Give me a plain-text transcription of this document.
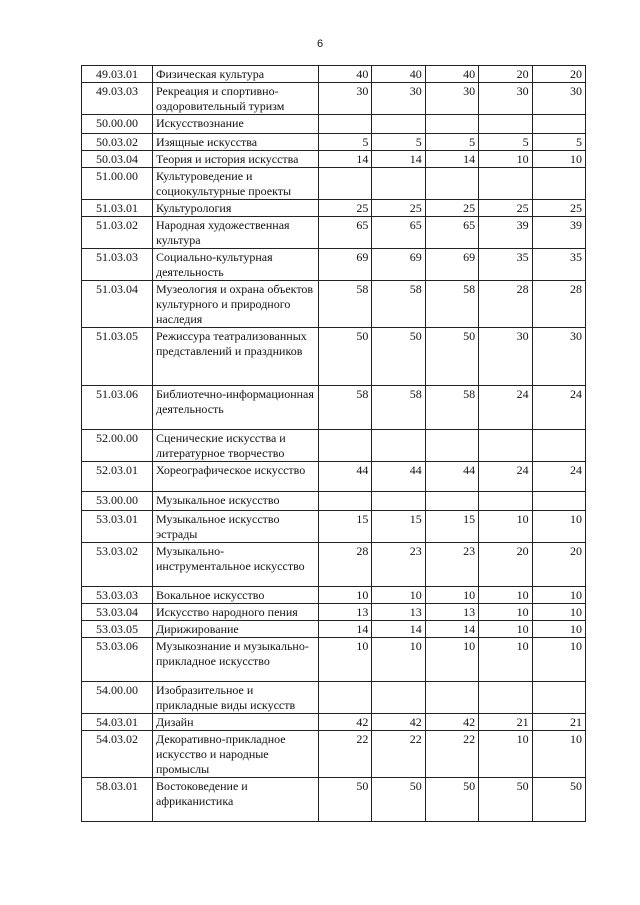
6
49.03.01	Физическая культура	40	40	40	20	20
49.03.03	Рекреация и спортивно-оздоровительный туризм	30	30	30	30	30
50.00.00	Искусствознание					
50.03.02	Изящные искусства	5	5	5	5	5
50.03.04	Теория и история искусства	14	14	14	10	10
51.00.00	Культуроведение и социокультурные проекты					
51.03.01	Культурология	25	25	25	25	25
51.03.02	Народная художественная культура	65	65	65	39	39
51.03.03	Социально-культурная деятельность	69	69	69	35	35
51.03.04	Музеология и охрана объектов культурного и природного наследия	58	58	58	28	28
51.03.05	Режиссура театрализованных представлений и праздников	50	50	50	30	30
51.03.06	Библиотечно-информационная деятельность	58	58	58	24	24
52.00.00	Сценические искусства и литературное творчество					
52.03.01	Хореографическое искусство	44	44	44	24	24
53.00.00	Музыкальное искусство					
53.03.01	Музыкальное искусство эстрады	15	15	15	10	10
53.03.02	Музыкально-инструментальное искусство	28	23	23	20	20
53.03.03	Вокальное искусство	10	10	10	10	10
53.03.04	Искусство народного пения	13	13	13	10	10
53.03.05	Дирижирование	14	14	14	10	10
53.03.06	Музыкознание и музыкально-прикладное искусство	10	10	10	10	10
54.00.00	Изобразительное и прикладные виды искусств					
54.03.01	Дизайн	42	42	42	21	21
54.03.02	Декоративно-прикладное искусство и народные промыслы	22	22	22	10	10
58.03.01	Востоковедение и африканистика	50	50	50	50	50
